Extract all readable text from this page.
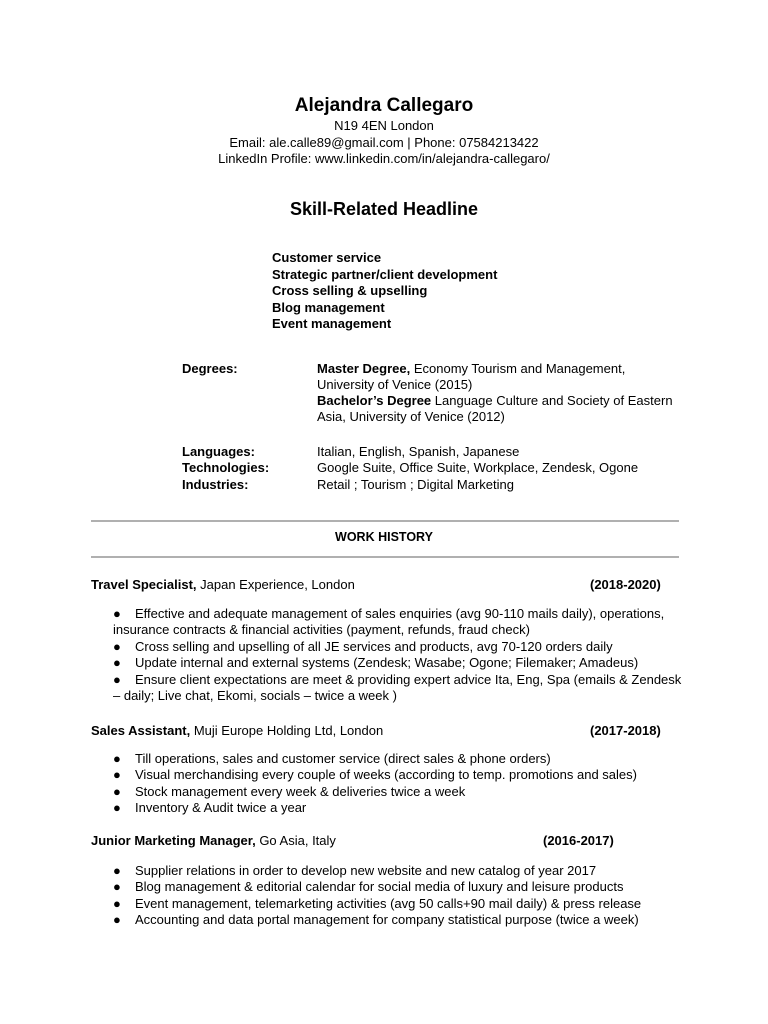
Alejandra Callegaro
N19 4EN London
Email: ale.calle89@gmail.com | Phone: 07584213422
LinkedIn Profile: www.linkedin.com/in/alejandra-callegaro/
Skill-Related Headline
Customer service
Strategic partner/client development
Cross selling & upselling
Blog management
Event management
Degrees:	Master Degree, Economy Tourism and Management, University of Venice (2015)
Bachelor’s Degree Language Culture and Society of Eastern Asia, University of Venice (2012)
Languages:	Italian, English, Spanish, Japanese
Technologies:	Google Suite, Office Suite, Workplace, Zendesk, Ogone
Industries:	Retail ; Tourism ; Digital Marketing
WORK HISTORY
Travel Specialist, Japan Experience, London	(2018-2020)
● Effective and adequate management of sales enquiries (avg 90-110 mails daily), operations, insurance contracts & financial activities (payment, refunds, fraud check)
● Cross selling and upselling of all JE services and products, avg 70-120 orders daily
● Update internal and external systems (Zendesk; Wasabe; Ogone; Filemaker; Amadeus)
● Ensure client expectations are meet & providing expert advice Ita, Eng, Spa (emails & Zendesk – daily; Live chat, Ekomi, socials – twice a week )
Sales Assistant, Muji Europe Holding Ltd, London	(2017-2018)
● Till operations, sales and customer service (direct sales & phone orders)
● Visual merchandising every couple of weeks (according to temp. promotions and sales)
● Stock management every week & deliveries twice a week
● Inventory & Audit twice a year
Junior Marketing Manager, Go Asia, Italy	(2016-2017)
● Supplier relations in order to develop new website and new catalog of year 2017
● Blog management & editorial calendar for social media of luxury and leisure products
● Event management, telemarketing activities (avg 50 calls+90 mail daily) & press release
● Accounting and data portal management for company statistical purpose (twice a week)
